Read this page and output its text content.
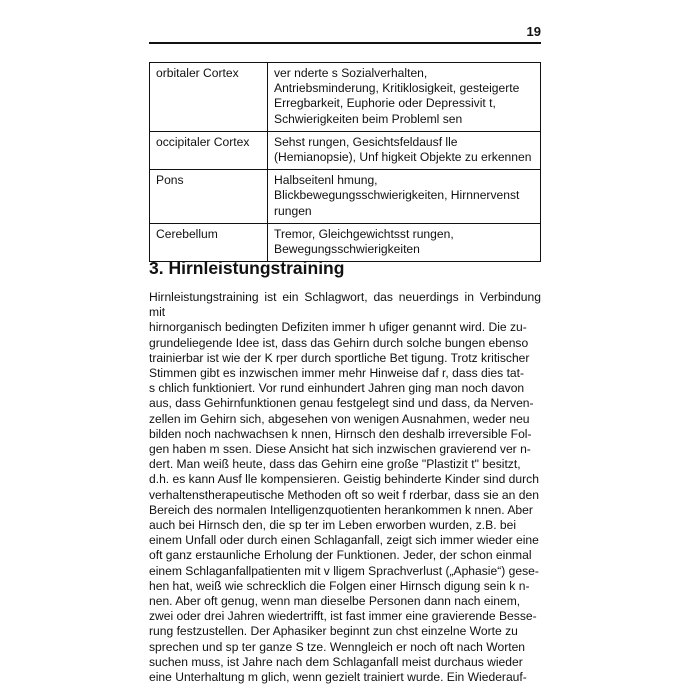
19
orbitaler Cortex	ver nderte s Sozialverhalten, Antriebsminderung, Kritiklosigkeit, gesteigerte Erregbarkeit, Euphorie oder Depressivit t, Schwierigkeiten beim Probleml sen
occipitaler Cortex	Sehst rungen, Gesichtsfeldausf lle (Hemianopsie), Unf higkeit Objekte zu erkennen
Pons	Halbseitenl hmung, Blickbewegungsschwierigkeiten, Hirnnervenst rungen
Cerebellum	Tremor, Gleichgewichtsst rungen, Bewegungsschwierigkeiten
3. Hirnleistungstraining

Hirnleistungstraining ist ein Schlagwort, das neuerdings in Verbindung mit
hirnorganisch bedingten Defiziten immer h ufiger genannt wird. Die zu-
grundeliegende Idee ist, dass das Gehirn durch solche bungen ebenso
trainierbar ist wie der K rper durch sportliche Bet tigung. Trotz kritischer
Stimmen gibt es inzwischen immer mehr Hinweise daf r, dass dies tat-
s chlich funktioniert. Vor rund einhundert Jahren ging man noch davon
aus, dass Gehirnfunktionen genau festgelegt sind und dass, da Nerven-
zellen im Gehirn sich, abgesehen von wenigen Ausnahmen, weder neu
bilden noch nachwachsen k nnen, Hirnsch den deshalb irreversible Fol-
gen haben m ssen. Diese Ansicht hat sich inzwischen gravierend ver n-
dert. Man weiß heute, dass das Gehirn eine große "Plastizit t" besitzt,
d.h. es kann Ausf lle kompensieren. Geistig behinderte Kinder sind durch
verhaltenstherapeutische Methoden oft so weit f rderbar, dass sie an den
Bereich des normalen Intelligenzquotienten herankommen k nnen. Aber
auch bei Hirnsch den, die sp ter im Leben erworben wurden, z.B. bei
einem Unfall oder durch einen Schlaganfall, zeigt sich immer wieder eine
oft ganz erstaunliche Erholung der Funktionen. Jeder, der schon einmal
einem Schlaganfallpatienten mit v lligem Sprachverlust („Aphasie“) gese-
hen hat, weiß wie schrecklich die Folgen einer Hirnsch digung sein k n-
nen. Aber oft genug, wenn man dieselbe Personen dann nach einem,
zwei oder drei Jahren wiedertrifft, ist fast immer eine gravierende Besse-
rung festzustellen. Der Aphasiker beginnt zun chst einzelne Worte zu
sprechen und sp ter ganze S tze. Wenngleich er noch oft nach Worten
suchen muss, ist Jahre nach dem Schlaganfall meist durchaus wieder
eine Unterhaltung m glich, wenn gezielt trainiert wurde. Ein Wiederauf-
